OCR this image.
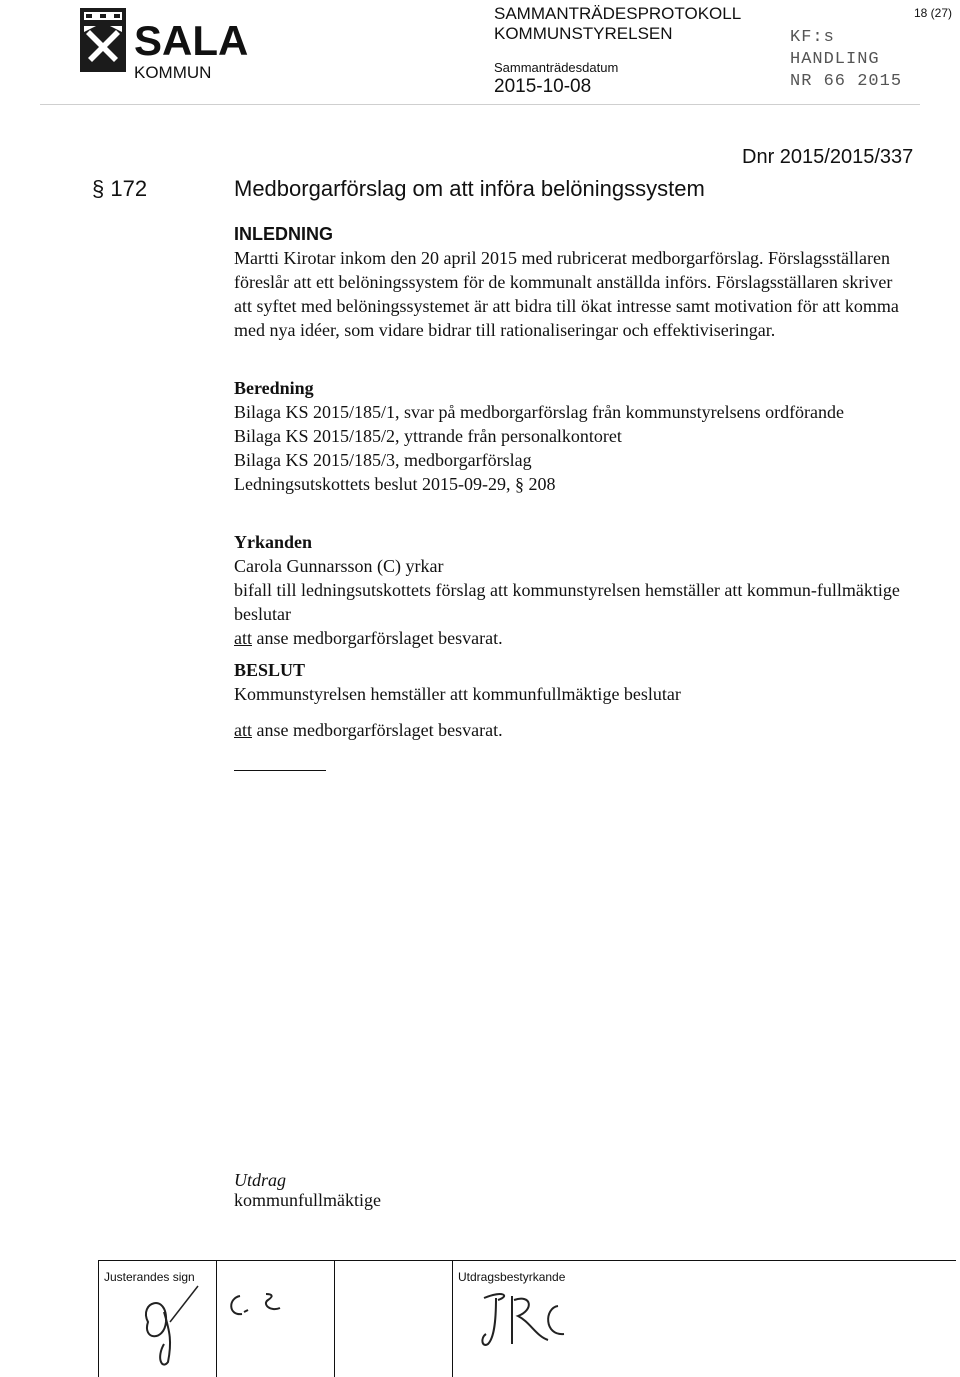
SALA
KOMMUN
SAMMANTRÄDESPROTOKOLL
KOMMUNSTYRELSEN
Sammanträdesdatum
2015-10-08
18 (27)
KF:s
HANDLING
NR 66 2015
Dnr 2015/2015/337
§ 172	Medborgarförslag om att införa belöningssystem
INLEDNING
Martti Kirotar inkom den 20 april 2015 med rubricerat medborgarförslag. Förslagsställaren föreslår att ett belöningssystem för de kommunalt anställda införs. Förslagsställaren skriver att syftet med belöningssystemet är att bidra till ökat intresse samt motivation för att komma med nya idéer, som vidare bidrar till rationaliseringar och effektiviseringar.
Beredning
Bilaga KS 2015/185/1, svar på medborgarförslag från kommunstyrelsens ordförande
Bilaga KS 2015/185/2, yttrande från personalkontoret
Bilaga KS 2015/185/3, medborgarförslag
Ledningsutskottets beslut 2015-09-29, § 208
Yrkanden
Carola Gunnarsson (C) yrkar
bifall till ledningsutskottets förslag att kommunstyrelsen hemställer att kommun-fullmäktige beslutar
att anse medborgarförslaget besvarat.
BESLUT
Kommunstyrelsen hemställer att kommunfullmäktige beslutar
att anse medborgarförslaget besvarat.
Utdrag
kommunfullmäktige
Justerandes sign	Utdragsbestyrkande
